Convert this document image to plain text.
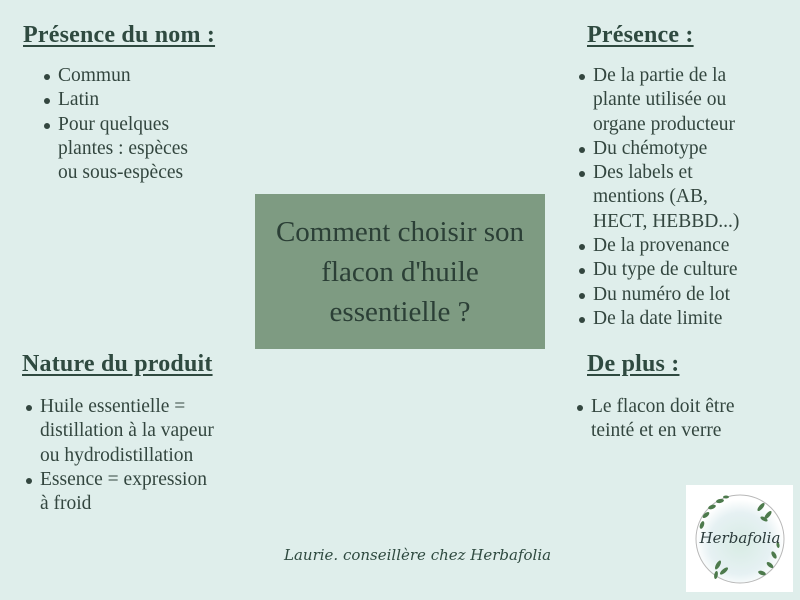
Présence du nom :
Commun
Latin
Pour quelques plantes : espèces ou sous-espèces
Présence :
De la partie de la plante utilisée ou organe producteur
Du chémotype
Des labels et mentions (AB, HECT, HEBBD...)
De la provenance
Du type de culture
Du numéro de lot
De la date limite
Comment choisir son flacon d'huile essentielle ?
Nature du produit
Huile essentielle = distillation à la vapeur ou hydrodistillation
Essence = expression à froid
De plus :
Le flacon doit être teinté et en verre
Laurie. conseillère chez Herbafolia
Herbafolia
